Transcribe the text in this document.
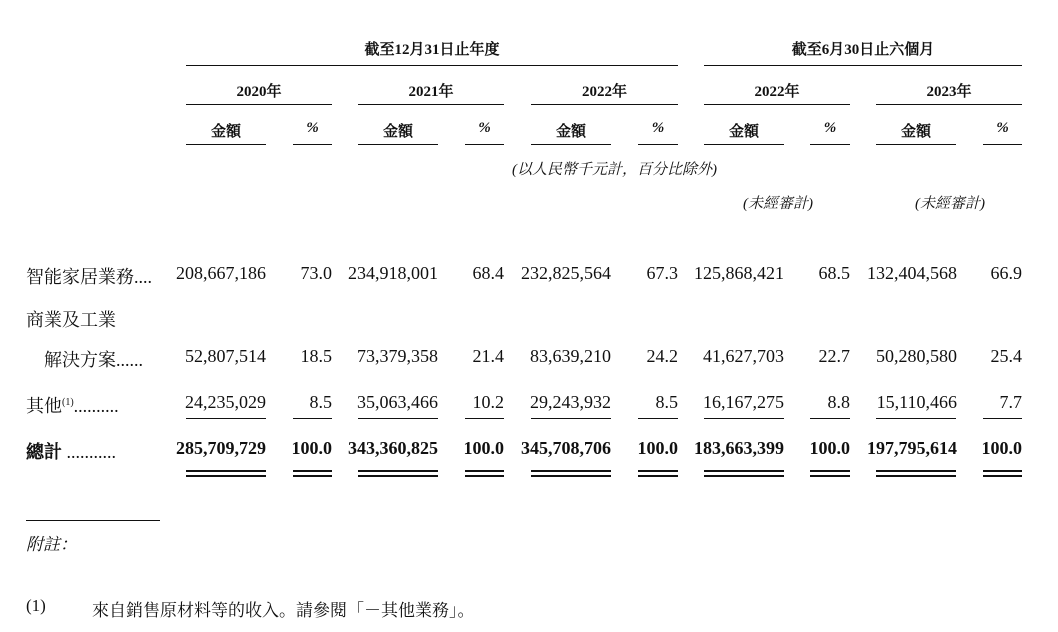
截至12月31日止年度	截至6月30日止六個月
2020年	2021年	2022年	2022年	2023年
金額	%	金額	%	金額	%	金額	%	金額	%
(以人民幣千元計，百分比除外)
(未經審計)	(未經審計)
智能家居業務.... 208,667,186 73.0 234,918,001 68.4 232,825,564 67.3 125,868,421 68.5 132,404,568 66.9
商業及工業
解決方案...... 52,807,514 18.5 73,379,358 21.4 83,639,210 24.2 41,627,703 22.7 50,280,580 25.4
其他$^{(1)}$..........	24,235,029 8.5 35,063,466 10.2 29,243,932 8.5 16,167,275 8.8 15,110,466 7.7
總計 ...........	285,709,729 100.0 343,360,825 100.0 345,708,706 100.0 183,663,399 100.0 197,795,614 100.0
附註：
(1)	來自銷售原材料等的收入。請參閱「－其他業務」。
